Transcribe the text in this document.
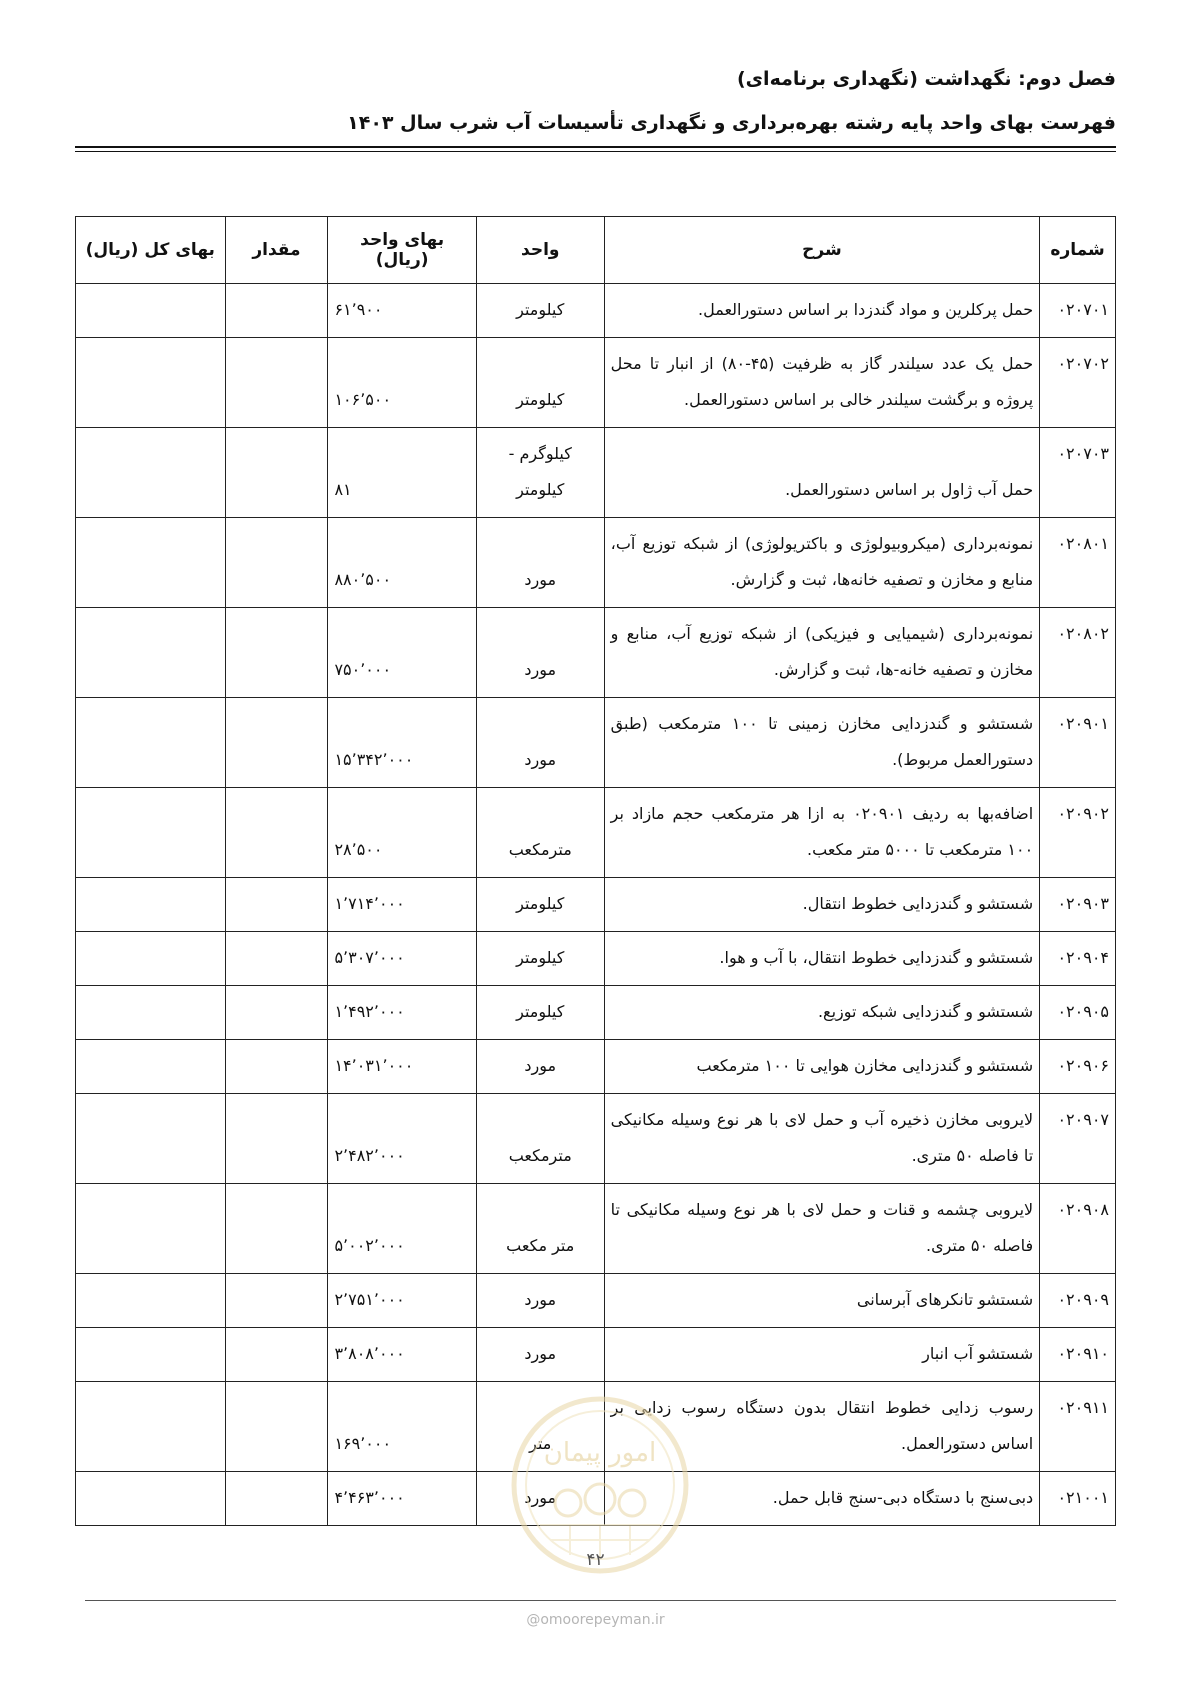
فصل دوم: نگهداشت (نگهداری برنامه‌ای)
فهرست بهای واحد پایه رشته بهره‌برداری و نگهداری تأسیسات آب شرب سال ۱۴۰۳
شماره	شرح	واحد	بهای واحد (ریال)	مقدار	بهای کل (ریال)
۰۲۰۷۰۱	حمل پرکلرین و مواد گندزدا بر اساس دستورالعمل.	کیلومتر	۶۱٬۹۰۰		
۰۲۰۷۰۲	حمل یک عدد سیلندر گاز به ظرفیت (۴۵-۸۰) از انبار تا محل پروژه و برگشت سیلندر خالی بر اساس دستورالعمل.	کیلومتر	۱۰۶٬۵۰۰		
۰۲۰۷۰۳	حمل آب ژاول بر اساس دستورالعمل.	کیلوگرم - کیلومتر	۸۱		
۰۲۰۸۰۱	نمونه‌برداری (میکروبیولوژی و باکتریولوژی) از شبکه توزیع آب، منابع و مخازن و تصفیه خانه‌ها، ثبت و گزارش.	مورد	۸۸۰٬۵۰۰		
۰۲۰۸۰۲	نمونه‌برداری (شیمیایی و فیزیکی) از شبکه توزیع آب، منابع و مخازن و تصفیه خانه-ها، ثبت و گزارش.	مورد	۷۵۰٬۰۰۰		
۰۲۰۹۰۱	شستشو و گندزدایی مخازن زمینی تا ۱۰۰ مترمکعب (طبق دستورالعمل مربوط).	مورد	۱۵٬۳۴۲٬۰۰۰		
۰۲۰۹۰۲	اضافه‌بها به ردیف ۰۲۰۹۰۱ به ازا هر مترمکعب حجم مازاد بر ۱۰۰ مترمکعب تا ۵۰۰۰ متر مکعب.	مترمکعب	۲۸٬۵۰۰		
۰۲۰۹۰۳	شستشو و گندزدایی خطوط انتقال.	کیلومتر	۱٬۷۱۴٬۰۰۰		
۰۲۰۹۰۴	شستشو و گندزدایی خطوط انتقال، با آب و هوا.	کیلومتر	۵٬۳۰۷٬۰۰۰		
۰۲۰۹۰۵	شستشو و گندزدایی شبکه توزیع.	کیلومتر	۱٬۴۹۲٬۰۰۰		
۰۲۰۹۰۶	شستشو و گندزدایی مخازن هوایی تا ۱۰۰ مترمکعب	مورد	۱۴٬۰۳۱٬۰۰۰		
۰۲۰۹۰۷	لایروبی مخازن ذخیره آب و حمل لای با هر نوع وسیله مکانیکی تا فاصله ۵۰ متری.	مترمکعب	۲٬۴۸۲٬۰۰۰		
۰۲۰۹۰۸	لایروبی چشمه و قنات و حمل لای با هر نوع وسیله مکانیکی تا فاصله ۵۰ متری.	متر مکعب	۵٬۰۰۲٬۰۰۰		
۰۲۰۹۰۹	شستشو تانکرهای آبرسانی	مورد	۲٬۷۵۱٬۰۰۰		
۰۲۰۹۱۰	شستشو آب انبار	مورد	۳٬۸۰۸٬۰۰۰		
۰۲۰۹۱۱	رسوب زدایی خطوط انتقال بدون دستگاه رسوب زدایی بر اساس دستورالعمل.	متر	۱۶۹٬۰۰۰		
۰۲۱۰۰۱	دبی‌سنج با دستگاه دبی-سنج قابل حمل.	مورد	۴٬۴۶۳٬۰۰۰		
امور پیمان
۴۲
@omoorepeyman.ir
